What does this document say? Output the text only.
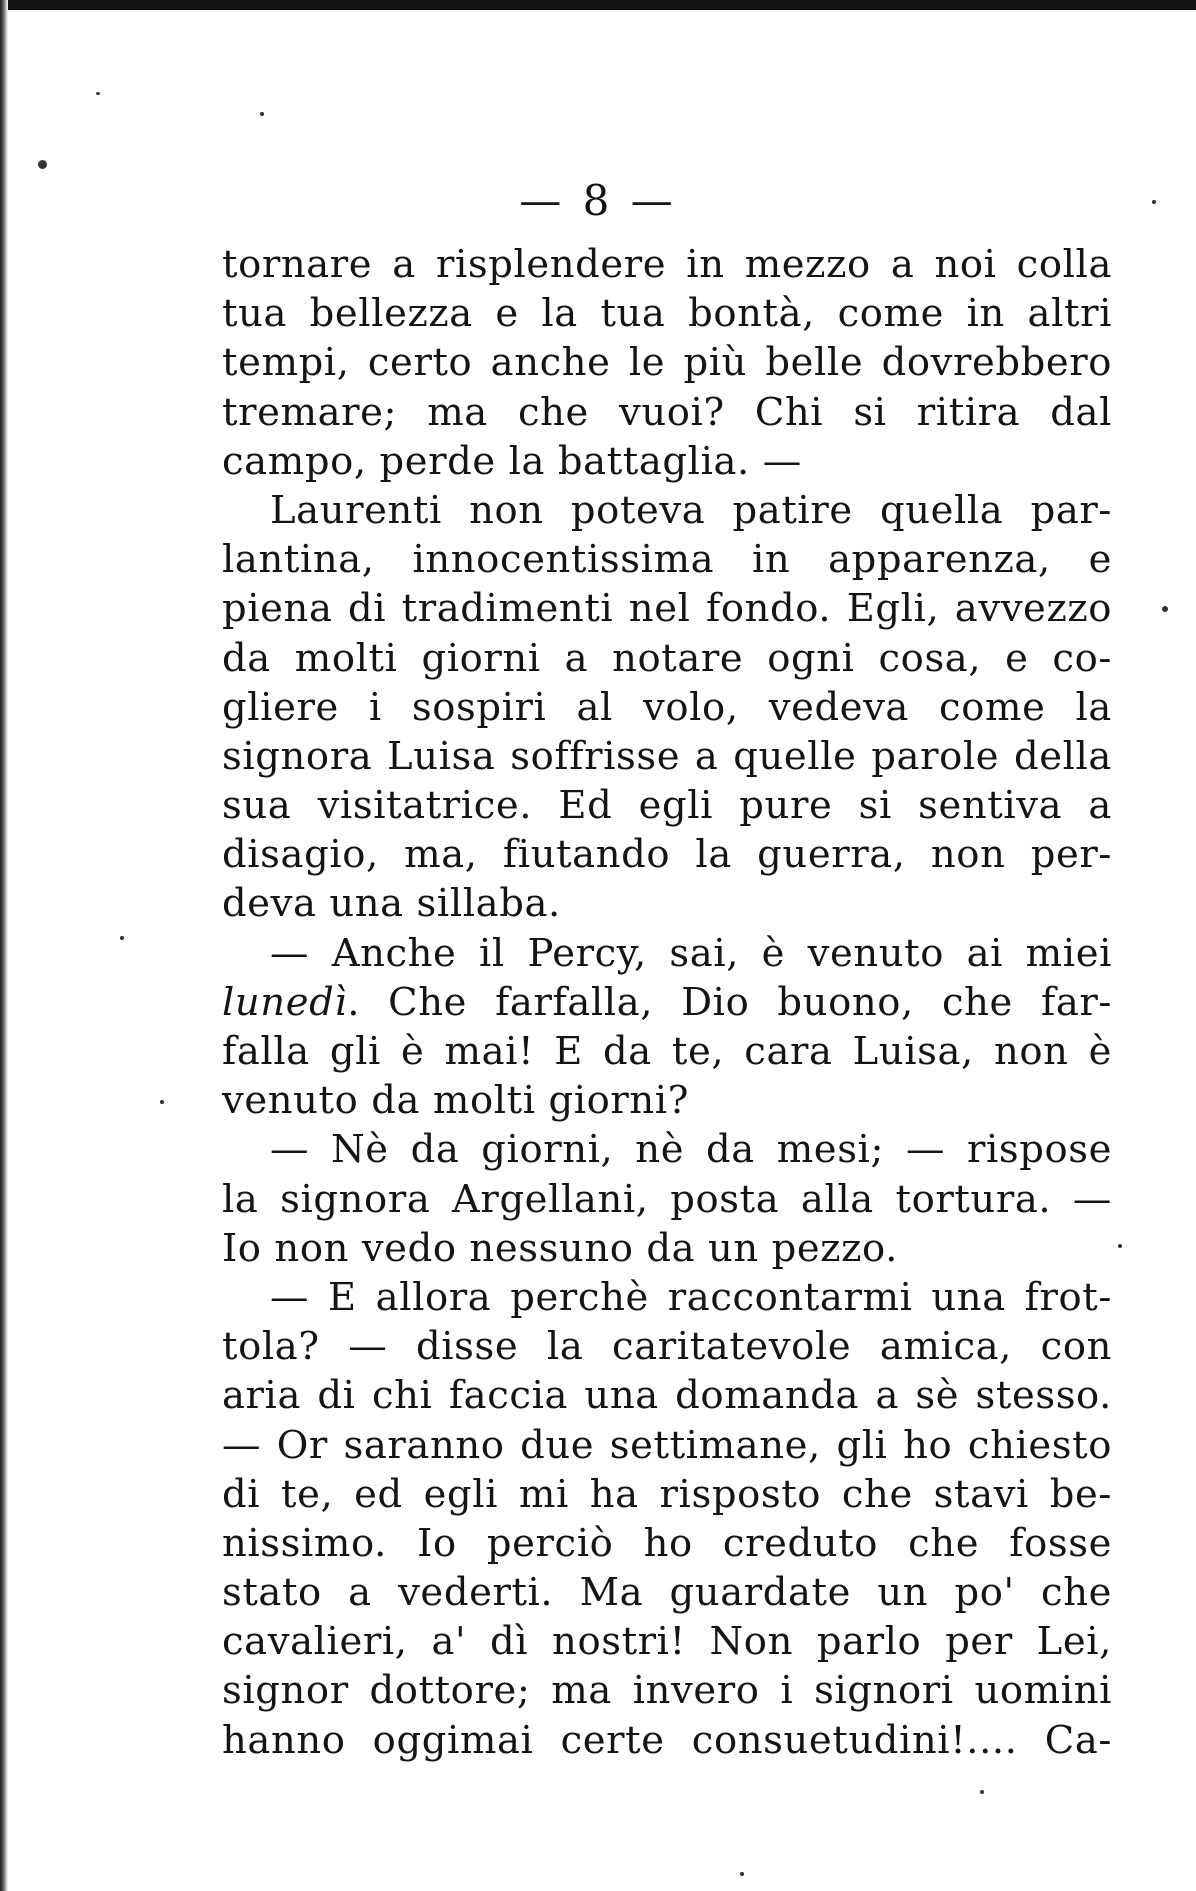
— 8 —
tornare a risplendere in mezzo a noi colla
tua bellezza e la tua bontà, come in altri
tempi, certo anche le più belle dovrebbero
tremare; ma che vuoi? Chi si ritira dal
campo, perde la battaglia. —
Laurenti non poteva patire quella par-
lantina, innocentissima in apparenza, e
piena di tradimenti nel fondo. Egli, avvezzo
da molti giorni a notare ogni cosa, e co-
gliere i sospiri al volo, vedeva come la
signora Luisa soffrisse a quelle parole della
sua visitatrice. Ed egli pure si sentiva a
disagio, ma, fiutando la guerra, non per-
deva una sillaba.
— Anche il Percy, sai, è venuto ai miei
lunedì. Che farfalla, Dio buono, che far-
falla gli è mai! E da te, cara Luisa, non è
venuto da molti giorni?
— Nè da giorni, nè da mesi; — rispose
la signora Argellani, posta alla tortura. —
Io non vedo nessuno da un pezzo.
— E allora perchè raccontarmi una frot-
tola? — disse la caritatevole amica, con
aria di chi faccia una domanda a sè stesso.
— Or saranno due settimane, gli ho chiesto
di te, ed egli mi ha risposto che stavi be-
nissimo. Io perciò ho creduto che fosse
stato a vederti. Ma guardate un po' che
cavalieri, a' dì nostri! Non parlo per Lei,
signor dottore; ma invero i signori uomini
hanno oggimai certe consuetudini!.... Ca-
